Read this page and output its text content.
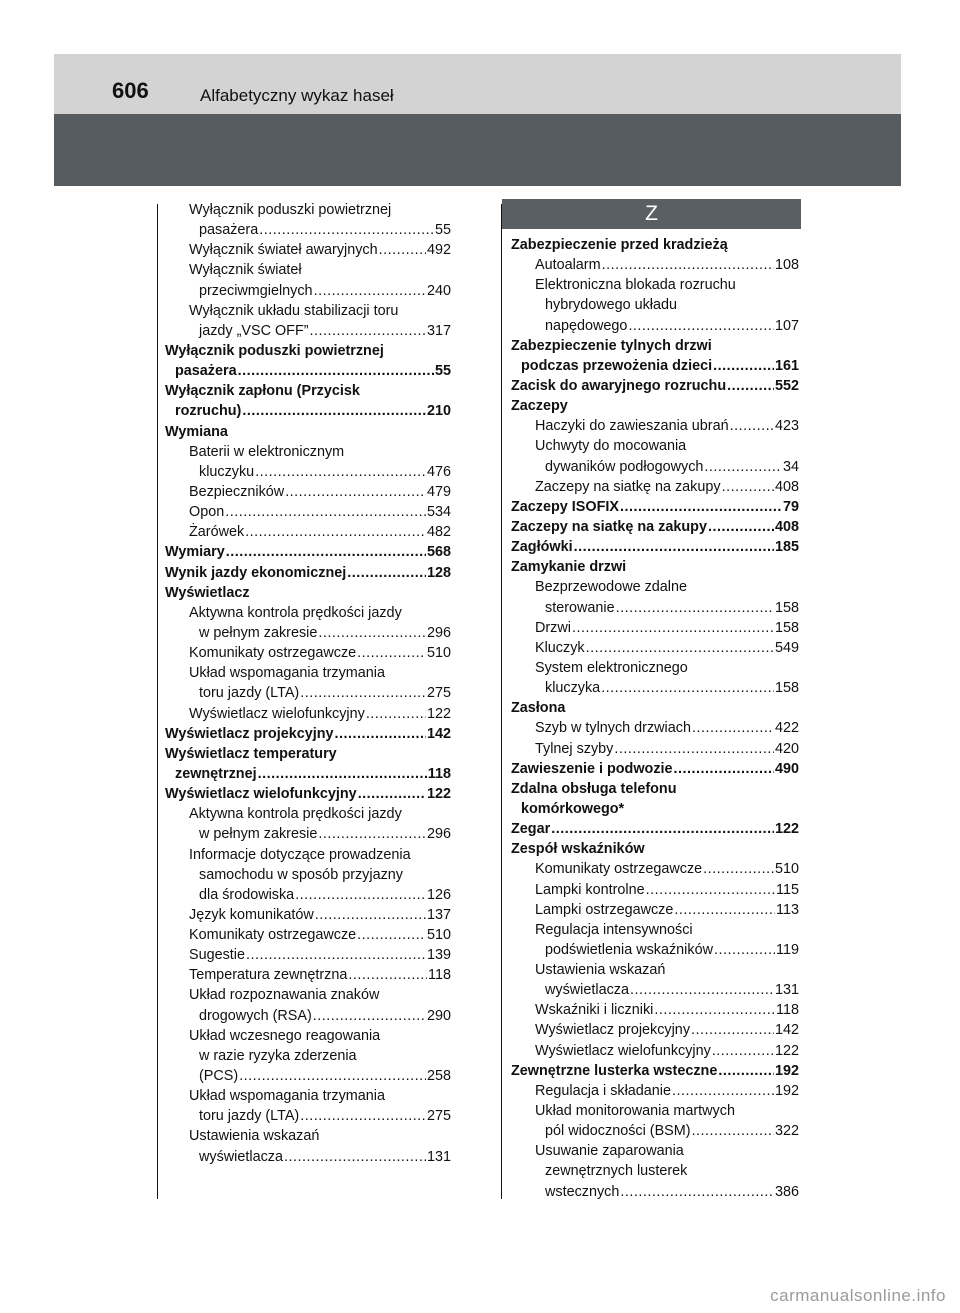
606	Alfabetyczny wykaz haseł
Z
Wyłącznik poduszki powietrznej
pasażera .....	55
Wyłącznik świateł awaryjnych .....	492
Wyłącznik świateł
przeciwmgielnych .....	240
Wyłącznik układu stabilizacji toru
jazdy „VSC OFF” .....	317
Wyłącznik poduszki powietrznej
pasażera .....	55
Wyłącznik zapłonu (Przycisk
rozruchu) .....	210
Wymiana
Baterii w elektronicznym
kluczyku .....	476
Bezpieczników .....	479
Opon .....	534
Żarówek .....	482
Wymiary .....	568
Wynik jazdy ekonomicznej .....	128
Wyświetlacz
Aktywna kontrola prędkości jazdy
w pełnym zakresie .....	296
Komunikaty ostrzegawcze .....	510
Układ wspomagania trzymania
toru jazdy (LTA) .....	275
Wyświetlacz wielofunkcyjny .....	122
Wyświetlacz projekcyjny .....	142
Wyświetlacz temperatury
zewnętrznej .....	118
Wyświetlacz wielofunkcyjny .....	122
Aktywna kontrola prędkości jazdy
w pełnym zakresie .....	296
Informacje dotyczące prowadzenia
samochodu w sposób przyjazny
dla środowiska .....	126
Język komunikatów .....	137
Komunikaty ostrzegawcze .....	510
Sugestie .....	139
Temperatura zewnętrzna .....	118
Układ rozpoznawania znaków
drogowych (RSA) .....	290
Układ wczesnego reagowania
w razie ryzyka zderzenia
(PCS) .....	258
Układ wspomagania trzymania
toru jazdy (LTA) .....	275
Ustawienia wskazań
wyświetlacza .....	131
Zabezpieczenie przed kradzieżą
Autoalarm .....	108
Elektroniczna blokada rozruchu
hybrydowego układu
napędowego .....	107
Zabezpieczenie tylnych drzwi
podczas przewożenia dzieci .....	161
Zacisk do awaryjnego rozruchu .....	552
Zaczepy
Haczyki do zawieszania ubrań .....	423
Uchwyty do mocowania
dywaników podłogowych .....	34
Zaczepy na siatkę na zakupy .....	408
Zaczepy ISOFIX .....	79
Zaczepy na siatkę na zakupy .....	408
Zagłówki .....	185
Zamykanie drzwi
Bezprzewodowe zdalne
sterowanie .....	158
Drzwi .....	158
Kluczyk .....	549
System elektronicznego
kluczyka .....	158
Zasłona
Szyb w tylnych drzwiach .....	422
Tylnej szyby .....	420
Zawieszenie i podwozie .....	490
Zdalna obsługa telefonu
komórkowego*
Zegar .....	122
Zespół wskaźników
Komunikaty ostrzegawcze .....	510
Lampki kontrolne .....	115
Lampki ostrzegawcze .....	113
Regulacja intensywności
podświetlenia wskaźników .....	119
Ustawienia wskazań
wyświetlacza .....	131
Wskaźniki i liczniki .....	118
Wyświetlacz projekcyjny .....	142
Wyświetlacz wielofunkcyjny .....	122
Zewnętrzne lusterka wsteczne .....	192
Regulacja i składanie .....	192
Układ monitorowania martwych
pól widoczności (BSM) .....	322
Usuwanie zaparowania
zewnętrznych lusterek
wstecznych .....	386
carmanualsonline.info
